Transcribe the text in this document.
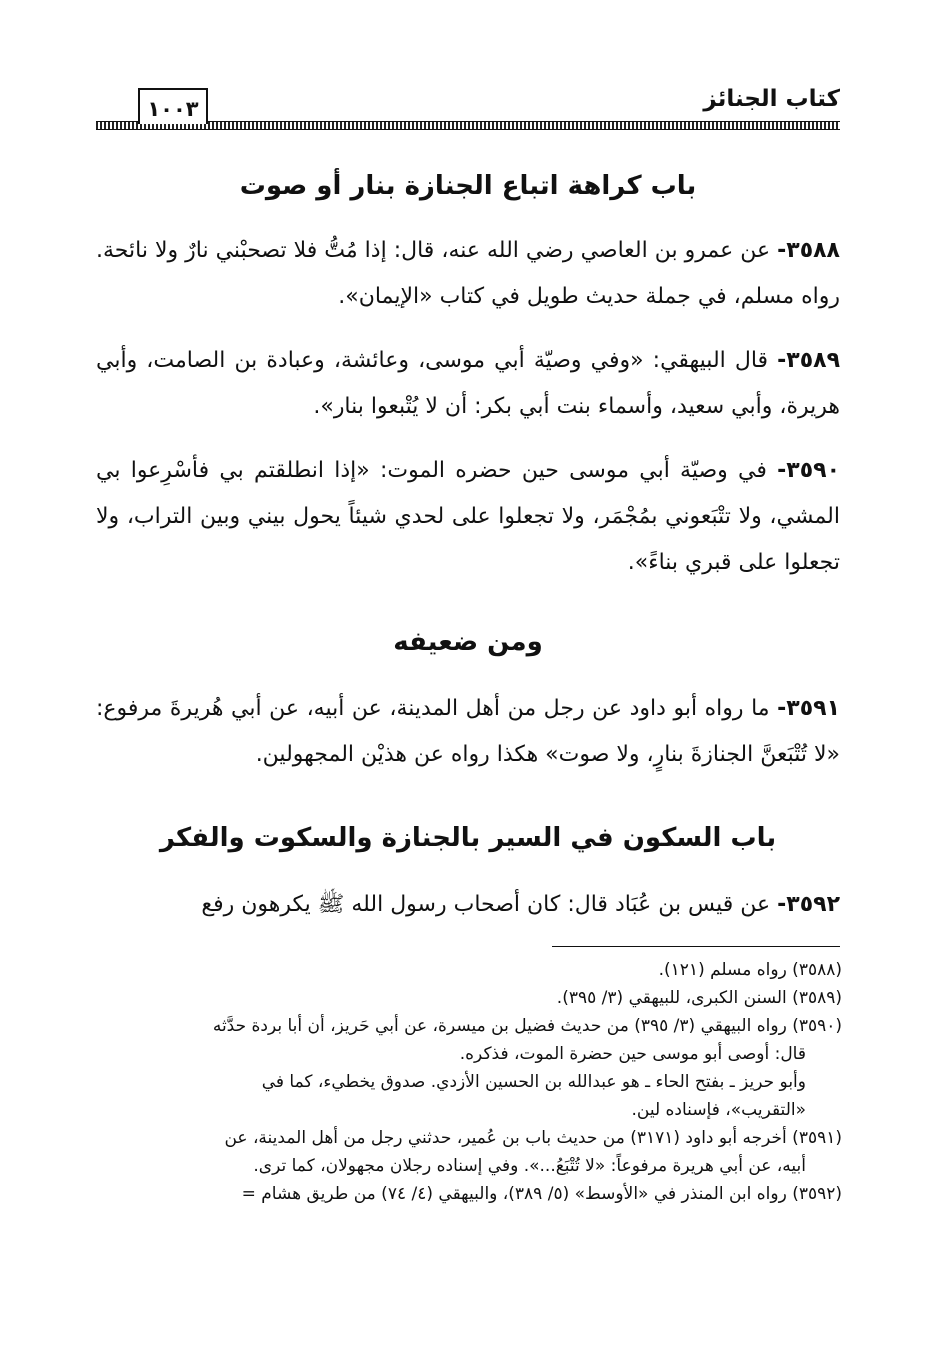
كتاب الجنائز
١٠٠٣
باب كراهة اتباع الجنازة بنار أو صوت

٣٥٨٨- عن عمرو بن العاصي رضي الله عنه، قال: إذا مُتُّ فلا تصحبْني نارٌ ولا نائحة. رواه مسلم، في جملة حديث طويل في كتاب «الإيمان».

٣٥٨٩- قال البيهقي: «وفي وصيّة أبي موسى، وعائشة، وعبادة بن الصامت، وأبي هريرة، وأبي سعيد، وأسماء بنت أبي بكر: أن لا يُتْبعوا بنار».

٣٥٩٠- في وصيّة أبي موسى حين حضره الموت: «إذا انطلقتم بي فأسْرِعوا بي المشي، ولا تتْبَعوني بمُجْمَر، ولا تجعلوا على لحدي شيئاً يحول بيني وبين التراب، ولا تجعلوا على قبري بناءً».

ومن ضعيفه

٣٥٩١- ما رواه أبو داود عن رجل من أهل المدينة، عن أبيه، عن أبي هُريرةَ مرفوع: «لا تُتْبَعنَّ الجنازةَ بنارٍ، ولا صوت» هكذا رواه عن هذيْن المجهولين.

باب السكون في السير بالجنازة والسكوت والفكر

٣٥٩٢- عن قيس بن عُبَاد قال: كان أصحاب رسول الله ﷺ يكرهون رفع

(٣٥٨٨) رواه مسلم (١٢١).

(٣٥٨٩) السنن الكبرى، للبيهقي (٣/ ٣٩٥).

(٣٥٩٠) رواه البيهقي (٣/ ٣٩٥) من حديث فضيل بن ميسرة، عن أبي حَريز، أن أبا بردة حدَّثه

قال: أوصى أبو موسى حين حضرة الموت، فذكره.

وأبو حريز ـ بفتح الحاء ـ هو عبدالله بن الحسين الأزدي. صدوق يخطيء، كما في

«التقريب»، فإسناده لين.

(٣٥٩١) أخرجه أبو داود (٣١٧١) من حديث باب بن عُمير، حدثني رجل من أهل المدينة، عن

أبيه، عن أبي هريرة مرفوعاً: «لا تُتْبَعُ...». وفي إسناده رجلان مجهولان، كما ترى.

(٣٥٩٢) رواه ابن المنذر في «الأوسط» (٥/ ٣٨٩)، والبيهقي (٤/ ٧٤) من طريق هشام =
